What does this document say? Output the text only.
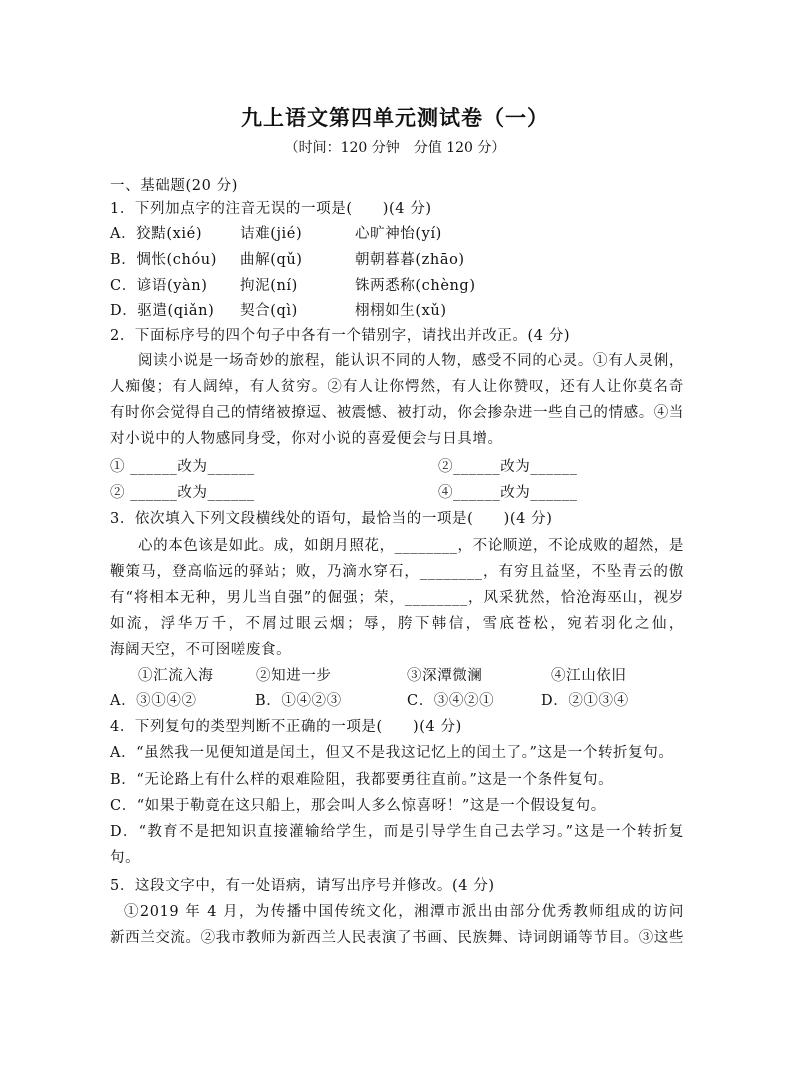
九上语文第四单元测试卷（一）
（时间：120 分钟　分值 120 分）
一、基础题(20 分)
1．下列加点字的注音无误的一项是(　　)(4 分)
A．狡黠(xié)	诘难(jié)	心旷神怡(yí)
B．惆怅(chóu) 曲解(qǔ)	朝朝暮暮(zhāo)
C．谚语(yàn) 拘泥(ní)	铢两悉称(chèng)
D．驱遣(qiǎn) 契合(qì)	栩栩如生(xǔ)
2．下面标序号的四个句子中各有一个错别字，请找出并改正。(4 分)
阅读小说是一场奇妙的旅程，能认识不同的人物，感受不同的心灵。①有人灵俐，
人痴傻；有人阔绰，有人贫穷。②有人让你愕然，有人让你赞叹，还有人让你莫名奇
有时你会觉得自己的情绪被撩逗、被震憾、被打动，你会掺杂进一些自己的情感。④当
对小说中的人物感同身受，你对小说的喜爱便会与日具增。
① ______改为______	②______改为______
② ______改为______	④______改为______
3．依次填入下列文段横线处的语句，最恰当的一项是(　　)(4 分)
心的本色该是如此。成，如朗月照花，________，不论顺逆，不论成败的超然，是
鞭策马，登高临远的驿站；败，乃滴水穿石，________，有穷且益坚，不坠青云的傲
有“将相本无种，男儿当自强”的倔强；荣，________，风采犹然，恰沧海巫山，视岁
如流，浮华万千，不屑过眼云烟；辱，胯下韩信，雪底苍松，宛若羽化之仙，
海阔天空，不可囹嗟废食。
①汇流入海	②知进一步	③深潭微澜	④江山依旧
A．③①④②	B．①④②③	C．③④②①	D．②①③④
4．下列复句的类型判断不正确的一项是(　　)(4 分)
A．“虽然我一见便知道是闰土，但又不是我这记忆上的闰土了。”这是一个转折复句。
B．“无论路上有什么样的艰难险阻，我都要勇往直前。”这是一个条件复句。
C．“如果于勒竟在这只船上，那会叫人多么惊喜呀！”这是一个假设复句。
D．“教育不是把知识直接灌输给学生，而是引导学生自己去学习。”这是一个转折复
句。
5．这段文字中，有一处语病，请写出序号并修改。(4 分)
①2019 年 4 月，为传播中国传统文化，湘潭市派出由部分优秀教师组成的访问
新西兰交流。②我市教师为新西兰人民表演了书画、民族舞、诗词朗诵等节目。③这些
